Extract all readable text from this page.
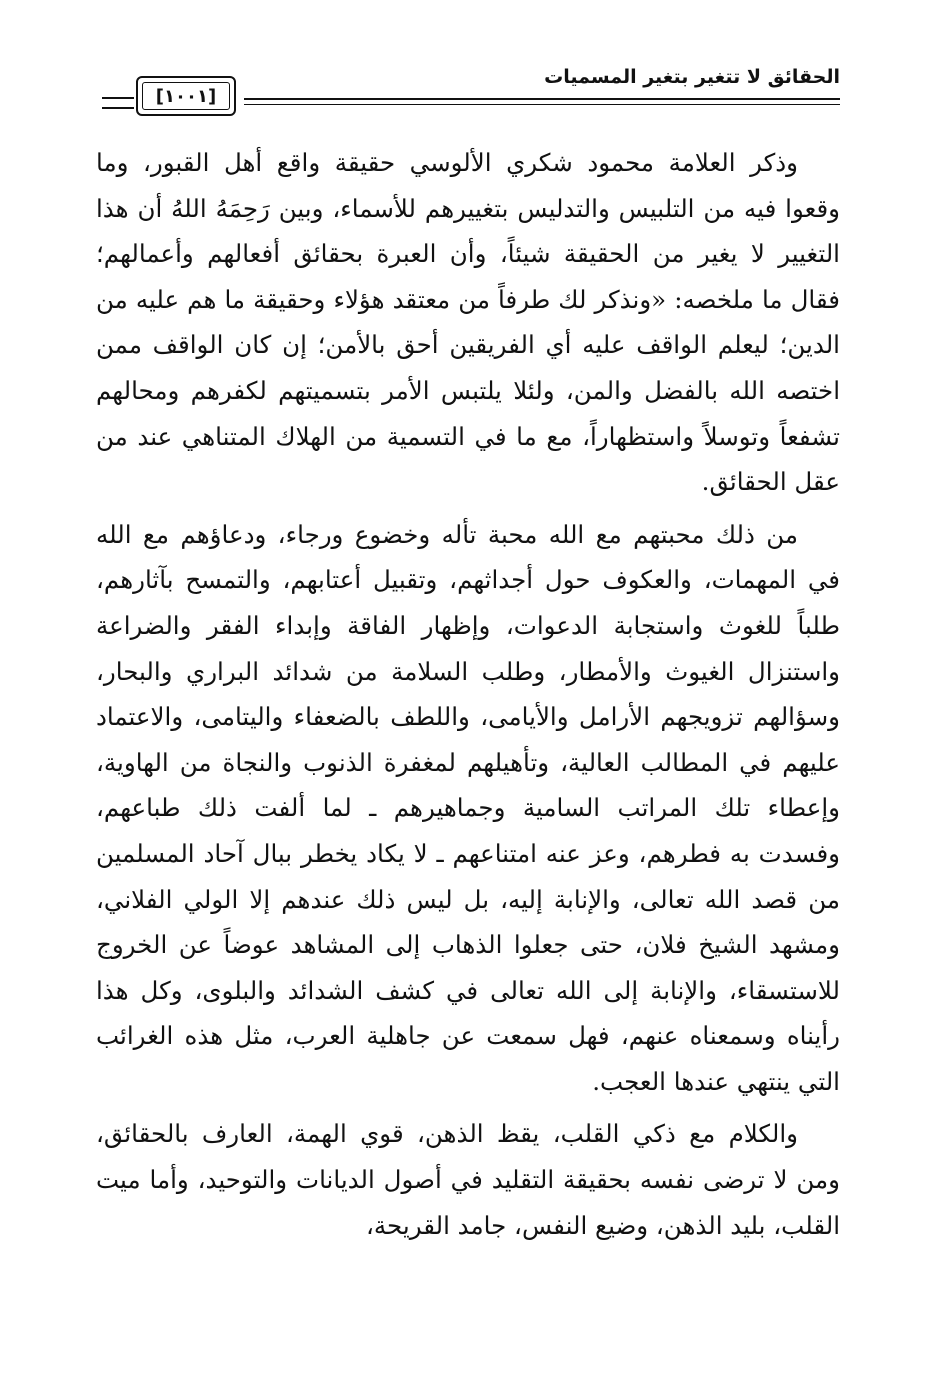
[١٠٠١]
الحقائق لا تتغير بتغير المسميات

وذكر العلامة محمود شكري الألوسي حقيقة واقع أهل القبور، وما وقعوا فيه من التلبيس والتدليس بتغييرهم للأسماء، وبين رَحِمَهُ اللهُ أن هذا التغيير لا يغير من الحقيقة شيئاً، وأن العبرة بحقائق أفعالهم وأعمالهم؛ فقال ما ملخصه: «ونذكر لك طرفاً من معتقد هؤلاء وحقيقة ما هم عليه من الدين؛ ليعلم الواقف عليه أي الفريقين أحق بالأمن؛ إن كان الواقف ممن اختصه الله بالفضل والمن، ولئلا يلتبس الأمر بتسميتهم لكفرهم ومحالهم تشفعاً وتوسلاً واستظهاراً، مع ما في التسمية من الهلاك المتناهي عند من عقل الحقائق.

من ذلك محبتهم مع الله محبة تأله وخضوع ورجاء، ودعاؤهم مع الله في المهمات، والعكوف حول أجداثهم، وتقبيل أعتابهم، والتمسح بآثارهم، طلباً للغوث واستجابة الدعوات، وإظهار الفاقة وإبداء الفقر والضراعة واستنزال الغيوث والأمطار، وطلب السلامة من شدائد البراري والبحار، وسؤالهم تزويجهم الأرامل والأيامى، واللطف بالضعفاء واليتامى، والاعتماد عليهم في المطالب العالية، وتأهيلهم لمغفرة الذنوب والنجاة من الهاوية، وإعطاء تلك المراتب السامية وجماهيرهم ـ لما ألفت ذلك طباعهم، وفسدت به فطرهم، وعز عنه امتناعهم ـ لا يكاد يخطر ببال آحاد المسلمين من قصد الله تعالى، والإنابة إليه، بل ليس ذلك عندهم إلا الولي الفلاني، ومشهد الشيخ فلان، حتى جعلوا الذهاب إلى المشاهد عوضاً عن الخروج للاستسقاء، والإنابة إلى الله تعالى في كشف الشدائد والبلوى، وكل هذا رأيناه وسمعناه عنهم، فهل سمعت عن جاهلية العرب، مثل هذه الغرائب التي ينتهي عندها العجب.

والكلام مع ذكي القلب، يقظ الذهن، قوي الهمة، العارف بالحقائق، ومن لا ترضى نفسه بحقيقة التقليد في أصول الديانات والتوحيد، وأما ميت القلب، بليد الذهن، وضيع النفس، جامد القريحة،
